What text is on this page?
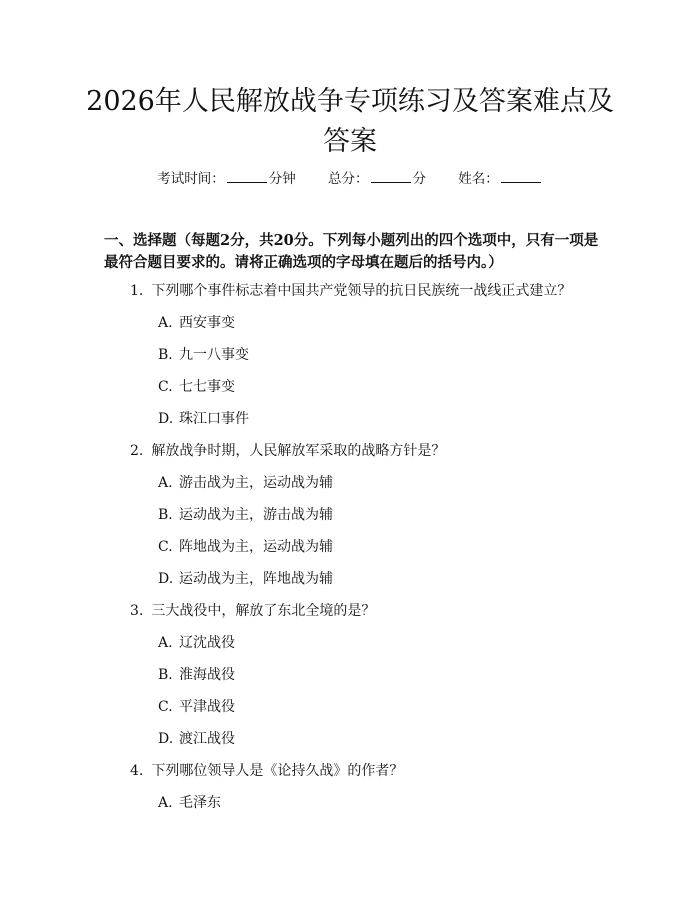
2026年人民解放战争专项练习及答案难点及答案
考试时间：	分钟 总分：	分 姓名：

一、选择题（每题2分，共20分。下列每小题列出的四个选项中，只有一项是最符合题目要求的。请将正确选项的字母填在题后的括号内。）

1. 下列哪个事件标志着中国共产党领导的抗日民族统一战线正式建立？
A. 西安事变
B. 九一八事变
C. 七七事变
D. 珠江口事件
2. 解放战争时期，人民解放军采取的战略方针是？
A. 游击战为主，运动战为辅
B. 运动战为主，游击战为辅
C. 阵地战为主，运动战为辅
D. 运动战为主，阵地战为辅
3. 三大战役中，解放了东北全境的是？
A. 辽沈战役
B. 淮海战役
C. 平津战役
D. 渡江战役
4. 下列哪位领导人是《论持久战》的作者？
A. 毛泽东
